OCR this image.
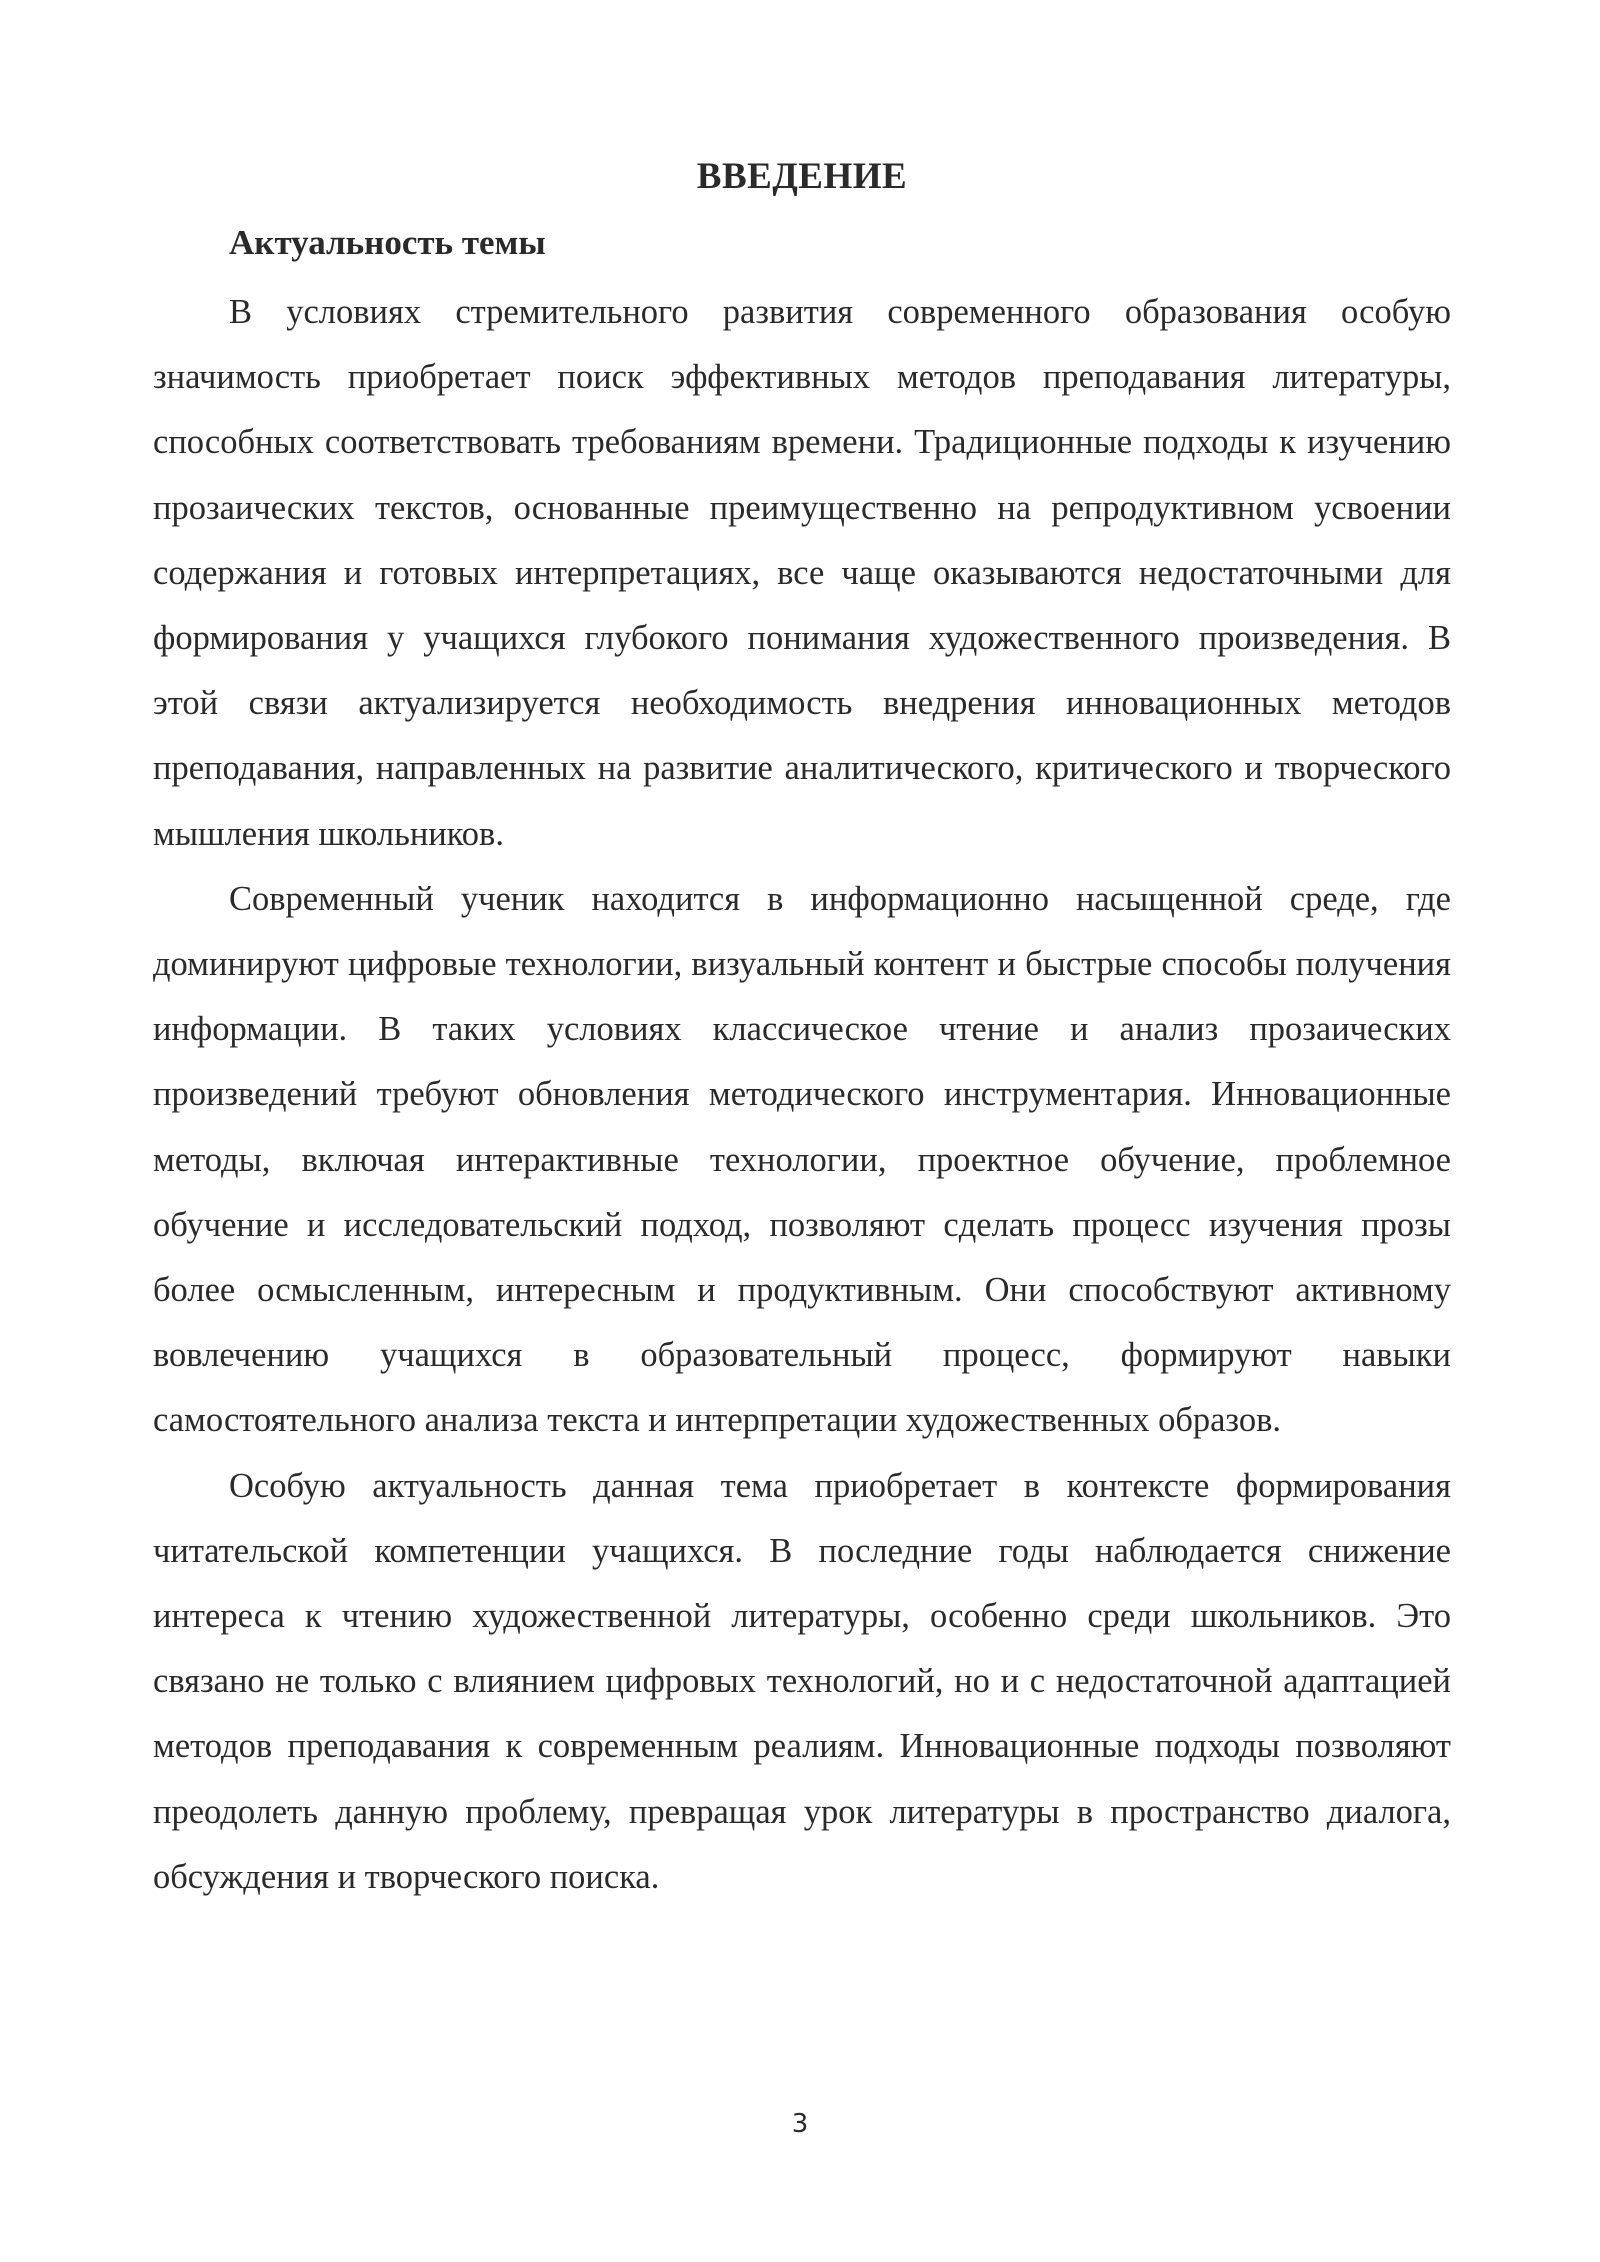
ВВЕДЕНИЕ
Актуальность темы

В условиях стремительного развития современного образования особую значимость приобретает поиск эффективных методов преподавания литературы, способных соответствовать требованиям времени. Традиционные подходы к изучению прозаических текстов, основанные преимущественно на репродуктивном усвоении содержания и готовых интерпретациях, все чаще оказываются недостаточными для формирования у учащихся глубокого понимания художественного произведения. В этой связи актуализируется необходимость внедрения инновационных методов преподавания, направленных на развитие аналитического, критического и творческого мышления школьников.

Современный ученик находится в информационно насыщенной среде, где доминируют цифровые технологии, визуальный контент и быстрые способы получения информации. В таких условиях классическое чтение и анализ прозаических произведений требуют обновления методического инструментария. Инновационные методы, включая интерактивные технологии, проектное обучение, проблемное обучение и исследовательский подход, позволяют сделать процесс изучения прозы более осмысленным, интересным и продуктивным. Они способствуют активному вовлечению учащихся в образовательный процесс, формируют навыки самостоятельного анализа текста и интерпретации художественных образов.

Особую актуальность данная тема приобретает в контексте формирования читательской компетенции учащихся. В последние годы наблюдается снижение интереса к чтению художественной литературы, особенно среди школьников. Это связано не только с влиянием цифровых технологий, но и с недостаточной адаптацией методов преподавания к современным реалиям. Инновационные подходы позволяют преодолеть данную проблему, превращая урок литературы в пространство диалога, обсуждения и творческого поиска.

3
